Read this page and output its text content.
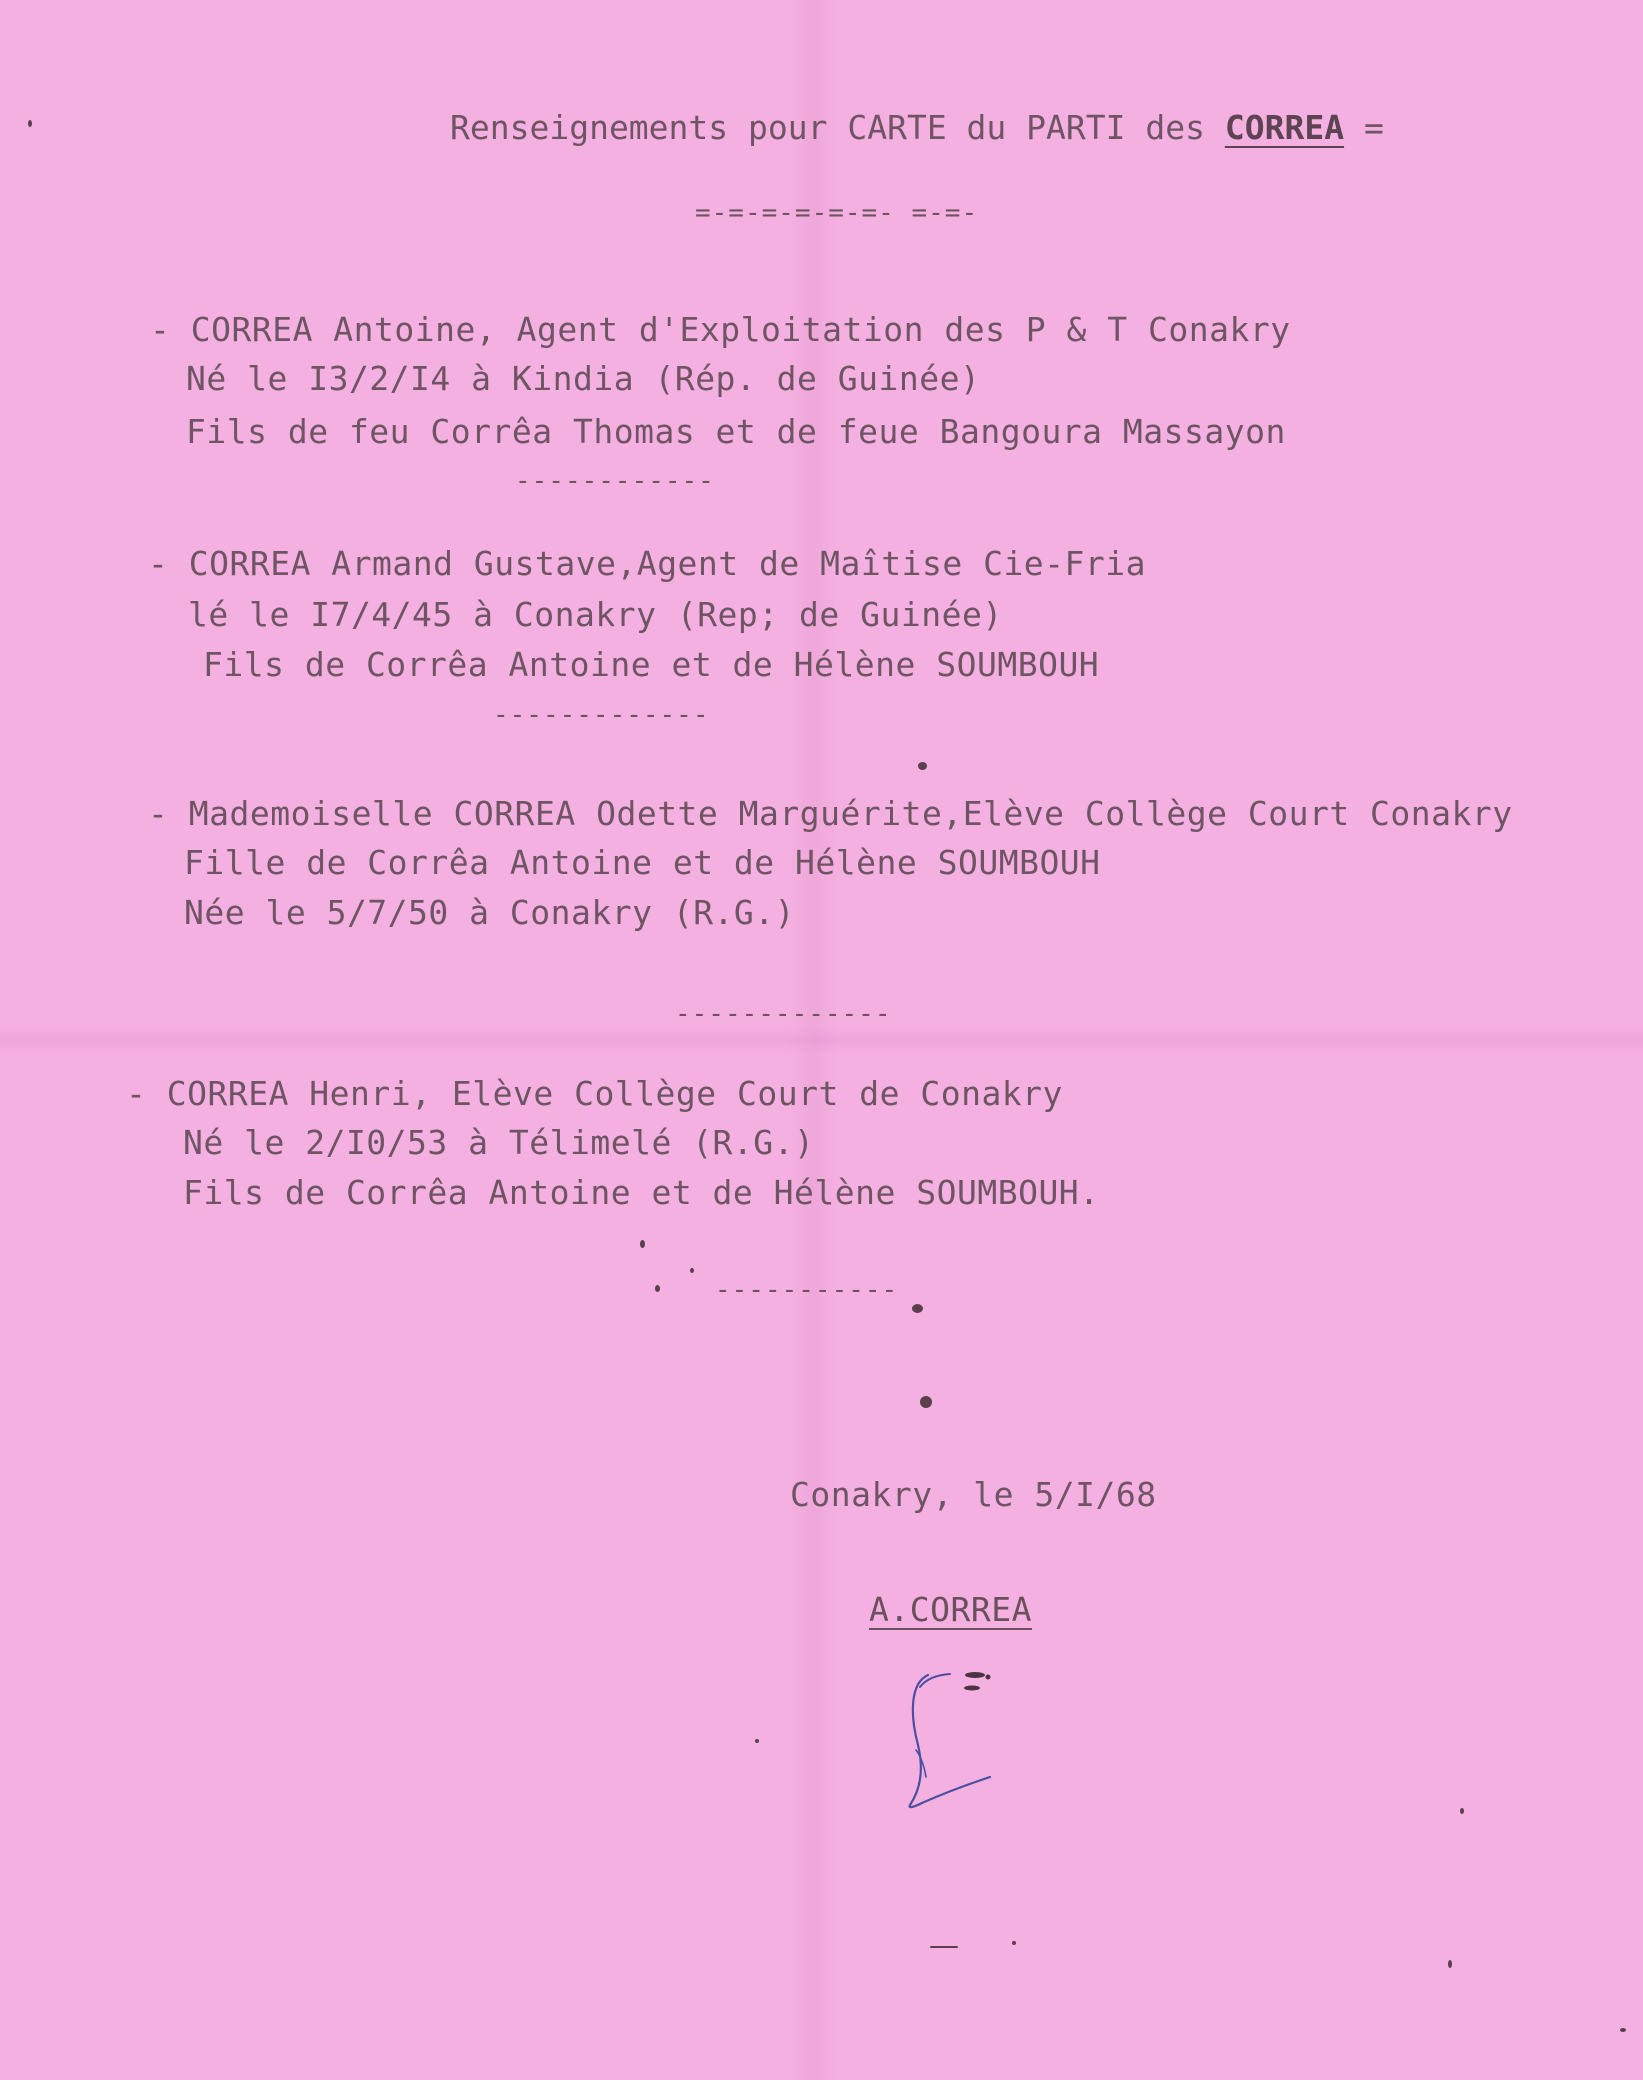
Renseignements pour CARTE du PARTI des CORREA =
=-=-=-=-=-=- =-=-
- CORREA Antoine, Agent d'Exploitation des P & T Conakry
Né le I3/2/I4 à Kindia (Rép. de Guinée)
Fils de feu Corrêa Thomas et de feue Bangoura Massayon
------------
- CORREA Armand Gustave,Agent de Maîtise Cie-Fria
lé le I7/4/45 à Conakry (Rep; de Guinée)
Fils de Corrêa Antoine et de Hélène SOUMBOUH
-------------
- Mademoiselle CORREA Odette Marguérite,Elève Collège Court Conakry
Fille de Corrêa Antoine et de Hélène SOUMBOUH
Née le 5/7/50 à Conakry (R.G.)
-------------
- CORREA Henri, Elève Collège Court de Conakry
Né le 2/I0/53 à Télimelé (R.G.)
Fils de Corrêa Antoine et de Hélène SOUMBOUH.
-----------
Conakry, le 5/I/68
A.CORREA
